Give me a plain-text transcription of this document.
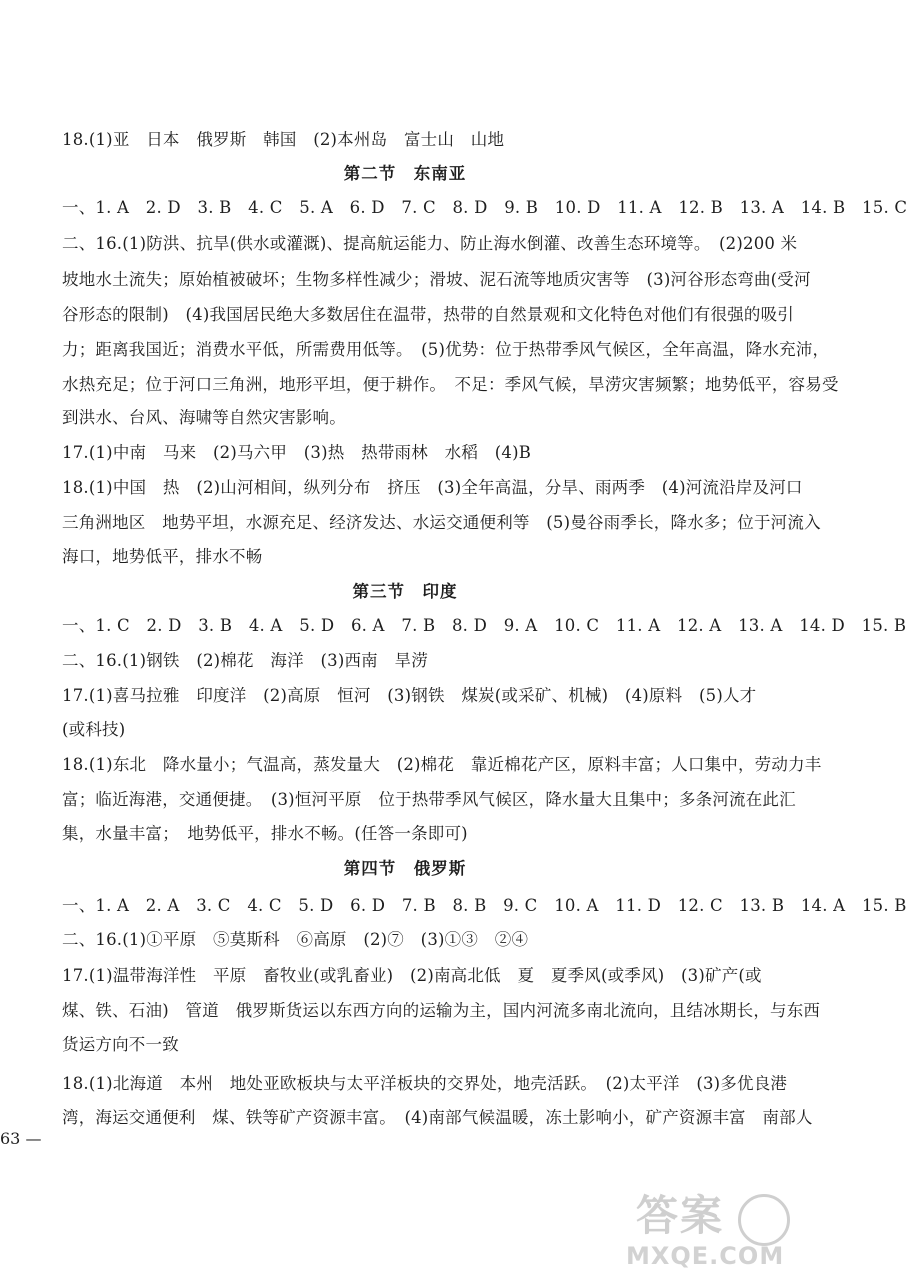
18.(1)亚　日本　俄罗斯　韩国　(2)本州岛　富士山　山地
第二节　东南亚
一、1. A　2. D　3. B　4. C　5. A　6. D　7. C　8. D　9. B　10. D　11. A　12. B　13. A　14. B　15. C
二、16.(1)防洪、抗旱(供水或灌溉)、提高航运能力、防止海水倒灌、改善生态环境等。　(2)200 米
坡地水土流失；原始植被破坏；生物多样性减少；滑坡、泥石流等地质灾害等　(3)河谷形态弯曲(受河
谷形态的限制)　(4)我国居民绝大多数居住在温带，热带的自然景观和文化特色对他们有很强的吸引
力；距离我国近；消费水平低，所需费用低等。　(5)优势：位于热带季风气候区，全年高温，降水充沛，
水热充足；位于河口三角洲，地形平坦，便于耕作。　不足：季风气候，旱涝灾害频繁；地势低平，容易受
到洪水、台风、海啸等自然灾害影响。
17.(1)中南　马来　(2)马六甲　(3)热　热带雨林　水稻　(4)B
18.(1)中国　热　(2)山河相间，纵列分布　挤压　(3)全年高温，分旱、雨两季　(4)河流沿岸及河口
三角洲地区　地势平坦，水源充足、经济发达、水运交通便利等　(5)曼谷雨季长，降水多；位于河流入
海口，地势低平，排水不畅
第三节　印度
一、1. C　2. D　3. B　4. A　5. D　6. A　7. B　8. D　9. A　10. C　11. A　12. A　13. A　14. D　15. B
二、16.(1)钢铁　(2)棉花　海洋　(3)西南　旱涝
17.(1)喜马拉雅　印度洋　(2)高原　恒河　(3)钢铁　煤炭(或采矿、机械)　(4)原料　(5)人才
(或科技)
18.(1)东北　降水量小；气温高，蒸发量大　(2)棉花　靠近棉花产区，原料丰富；人口集中，劳动力丰
富；临近海港，交通便捷。　(3)恒河平原　位于热带季风气候区，降水量大且集中；多条河流在此汇
集，水量丰富；　地势低平，排水不畅。(任答一条即可)
第四节　俄罗斯
一、1. A　2. A　3. C　4. C　5. D　6. D　7. B　8. B　9. C　10. A　11. D　12. C　13. B　14. A　15. B
二、16.(1)①平原　⑤莫斯科　⑥高原　(2)⑦　(3)①③　②④
17.(1)温带海洋性　平原　畜牧业(或乳畜业)　(2)南高北低　夏　夏季风(或季风)　(3)矿产(或
煤、铁、石油)　管道　俄罗斯货运以东西方向的运输为主，国内河流多南北流向，且结冰期长，与东西
货运方向不一致
18.(1)北海道　本州　地处亚欧板块与太平洋板块的交界处，地壳活跃。　(2)太平洋　(3)多优良港
湾，海运交通便利　煤、铁等矿产资源丰富。　(4)南部气候温暖，冻土影响小，矿产资源丰富　南部人
63 —
答案
MXQE.COM
